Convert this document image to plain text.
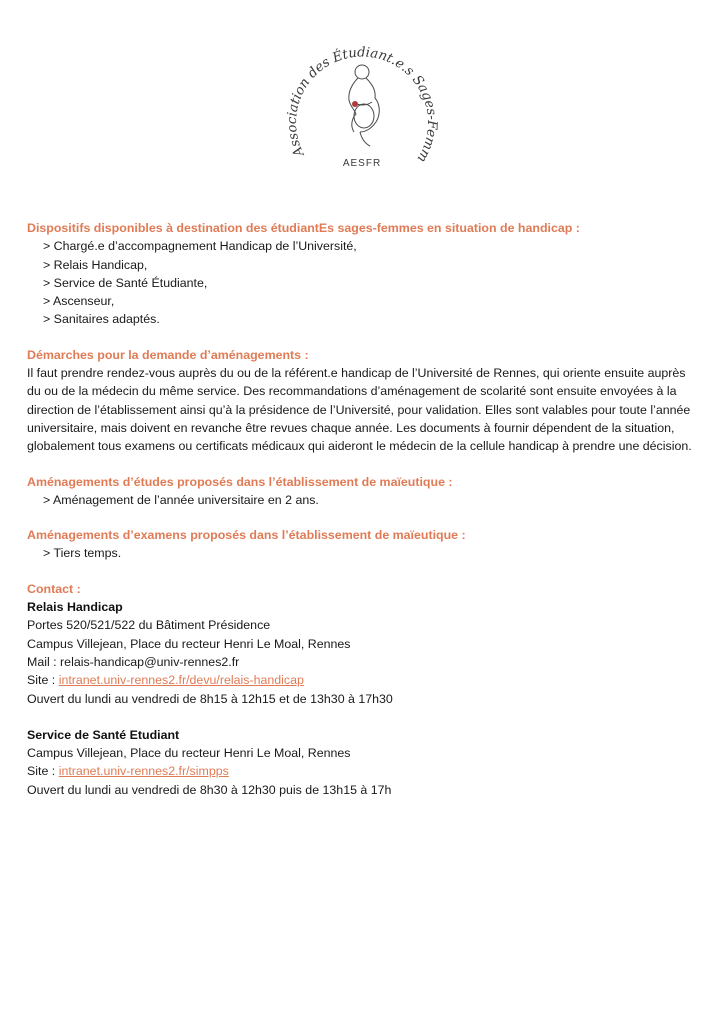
Association des Étudiant.e.s Sages-Femm
AESFR

Dispositifs disponibles à destination des étudiantEs sages-femmes en situation de handicap :

> Chargé.e d’accompagnement Handicap de l’Université,
> Relais Handicap,
> Service de Santé Étudiante,
> Ascenseur,
> Sanitaires adaptés.

Démarches pour la demande d’aménagements :

Il faut prendre rendez-vous auprès du ou de la référent.e handicap de l’Université de Rennes, qui oriente ensuite auprès du ou de la médecin du même service. Des recommandations d’aménagement de scolarité sont ensuite envoyées à la direction de l’établissement ainsi qu’à la présidence de l’Université, pour validation. Elles sont valables pour toute l’année universitaire, mais doivent en revanche être revues chaque année. Les documents à fournir dépendent de la situation, globalement tous examens ou certificats médicaux qui aideront le médecin de la cellule handicap à prendre une décision.

Aménagements d’études proposés dans l’établissement de maïeutique :

> Aménagement de l’année universitaire en 2 ans.

Aménagements d’examens proposés dans l’établissement de maïeutique :

> Tiers temps.

Contact :

Relais Handicap

Portes 520/521/522 du Bâtiment Présidence

Campus Villejean, Place du recteur Henri Le Moal, Rennes

Mail : relais-handicap@univ-rennes2.fr

Site : intranet.univ-rennes2.fr/devu/relais-handicap

Ouvert du lundi au vendredi de 8h15 à 12h15 et de 13h30 à 17h30

Service de Santé Etudiant

Campus Villejean, Place du recteur Henri Le Moal, Rennes

Site : intranet.univ-rennes2.fr/simpps

Ouvert du lundi au vendredi de 8h30 à 12h30 puis de 13h15 à 17h
